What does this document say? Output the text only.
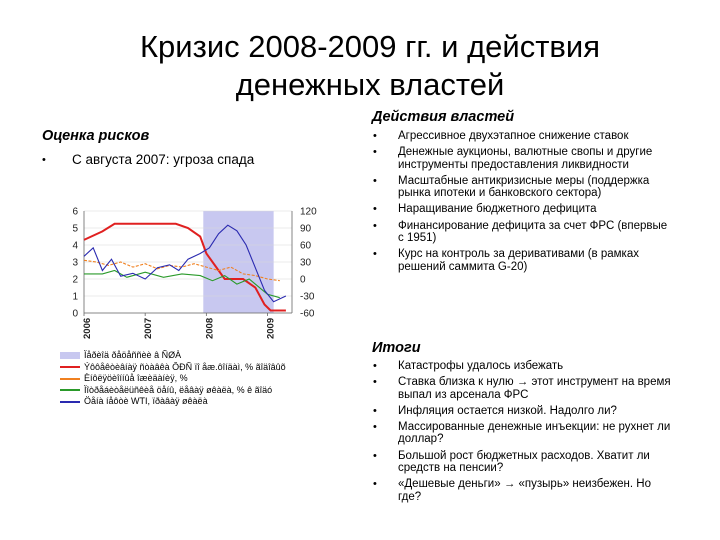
Кризис 2008-2009 гг. и действия
денежных властей
Оценка рисков
• С августа 2007: угроза спада
Действия властей
• Агрессивное двухэтапное снижение ставок
• Денежные аукционы, валютные свопы и другие инструменты предоставления ликвидности
• Масштабные антикризисные меры (поддержка рынка ипотеки и банковского сектора)
• Наращивание бюджетного дефицита
• Финансирование дефицита за счет ФРС (впервые с 1951)
• Курс на контроль за деривативами (в рамках решений саммита G-20)
Итоги
• Катастрофы удалось избежать
• Ставка близка к нулю → этот инструмент на время выпал из арсенала ФРС
• Инфляция остается низкой. Надолго ли?
• Массированные денежные инъекции: не рухнет ли доллар?
• Большой рост бюджетных расходов. Хватит ли средств на пенсии?
• «Дешевые деньги» → «пузырь» неизбежен. Но где?
0
1
2
3
4
5
6
-60
-30
0
30
60
90
120
2006	2007	2008	2009
Ïåðèîä ðåöåññèè â ÑØÀ
Ýôôåêòèâíàÿ ñòàâêà ÔÐÑ ïî åæ.ôîíäàì, % ãîäîâûõ
Èíôëÿöèîííûå îæèäàíèÿ, %
Ïîòðåáèòåëüñêèå öåíû, ëåâàÿ øêàëà, % ê ãîäó
Öåíà íåôòè WTI, ïðàâàÿ øêàëà
